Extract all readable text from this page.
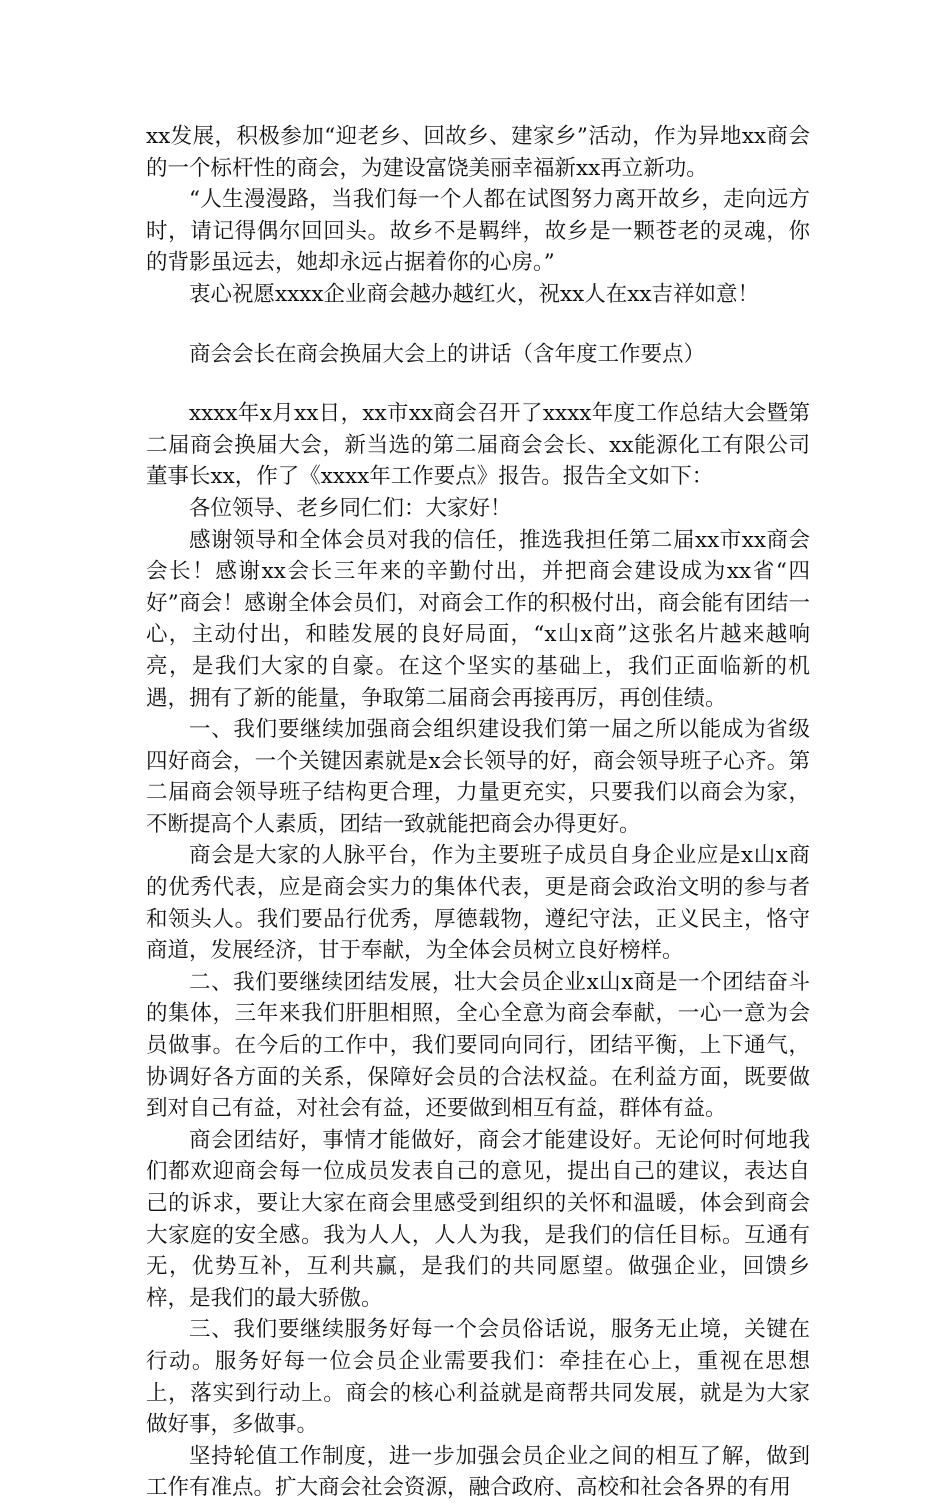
xx发展，积极参加“迎老乡、回故乡、建家乡”活动，作为异地xx商会的一个标杆性的商会，为建设富饶美丽幸福新xx再立新功。

“人生漫漫路，当我们每一个人都在试图努力离开故乡，走向远方时，请记得偶尔回回头。故乡不是羁绊，故乡是一颗苍老的灵魂，你的背影虽远去，她却永远占据着你的心房。”

衷心祝愿xxxx企业商会越办越红火，祝xx人在xx吉祥如意！

商会会长在商会换届大会上的讲话（含年度工作要点）

xxxx年x月xx日，xx市xx商会召开了xxxx年度工作总结大会暨第二届商会换届大会，新当选的第二届商会会长、xx能源化工有限公司董事长xx，作了《xxxx年工作要点》报告。报告全文如下：

各位领导、老乡同仁们：大家好！

感谢领导和全体会员对我的信任，推选我担任第二届xx市xx商会会长！感谢xx会长三年来的辛勤付出，并把商会建设成为xx省“四好”商会！感谢全体会员们，对商会工作的积极付出，商会能有团结一心，主动付出，和睦发展的良好局面，“x山x商”这张名片越来越响亮，是我们大家的自豪。在这个坚实的基础上，我们正面临新的机遇，拥有了新的能量，争取第二届商会再接再厉，再创佳绩。

一、我们要继续加强商会组织建设我们第一届之所以能成为省级四好商会，一个关键因素就是x会长领导的好，商会领导班子心齐。第二届商会领导班子结构更合理，力量更充实，只要我们以商会为家，不断提高个人素质，团结一致就能把商会办得更好。

商会是大家的人脉平台，作为主要班子成员自身企业应是x山x商的优秀代表，应是商会实力的集体代表，更是商会政治文明的参与者和领头人。我们要品行优秀，厚德载物，遵纪守法，正义民主，恪守商道，发展经济，甘于奉献，为全体会员树立良好榜样。

二、我们要继续团结发展，壮大会员企业x山x商是一个团结奋斗的集体，三年来我们肝胆相照，全心全意为商会奉献，一心一意为会员做事。在今后的工作中，我们要同向同行，团结平衡，上下通气，协调好各方面的关系，保障好会员的合法权益。在利益方面，既要做到对自己有益，对社会有益，还要做到相互有益，群体有益。

商会团结好，事情才能做好，商会才能建设好。无论何时何地我们都欢迎商会每一位成员发表自己的意见，提出自己的建议，表达自己的诉求，要让大家在商会里感受到组织的关怀和温暖，体会到商会大家庭的安全感。我为人人，人人为我，是我们的信任目标。互通有无，优势互补，互利共赢，是我们的共同愿望。做强企业，回馈乡梓，是我们的最大骄傲。

三、我们要继续服务好每一个会员俗话说，服务无止境，关键在行动。服务好每一位会员企业需要我们：牵挂在心上，重视在思想上，落实到行动上。商会的核心利益就是商帮共同发展，就是为大家做好事，多做事。

坚持轮值工作制度，进一步加强会员企业之间的相互了解，做到工作有准点。扩大商会社会资源，融合政府、高校和社会各界的有用
